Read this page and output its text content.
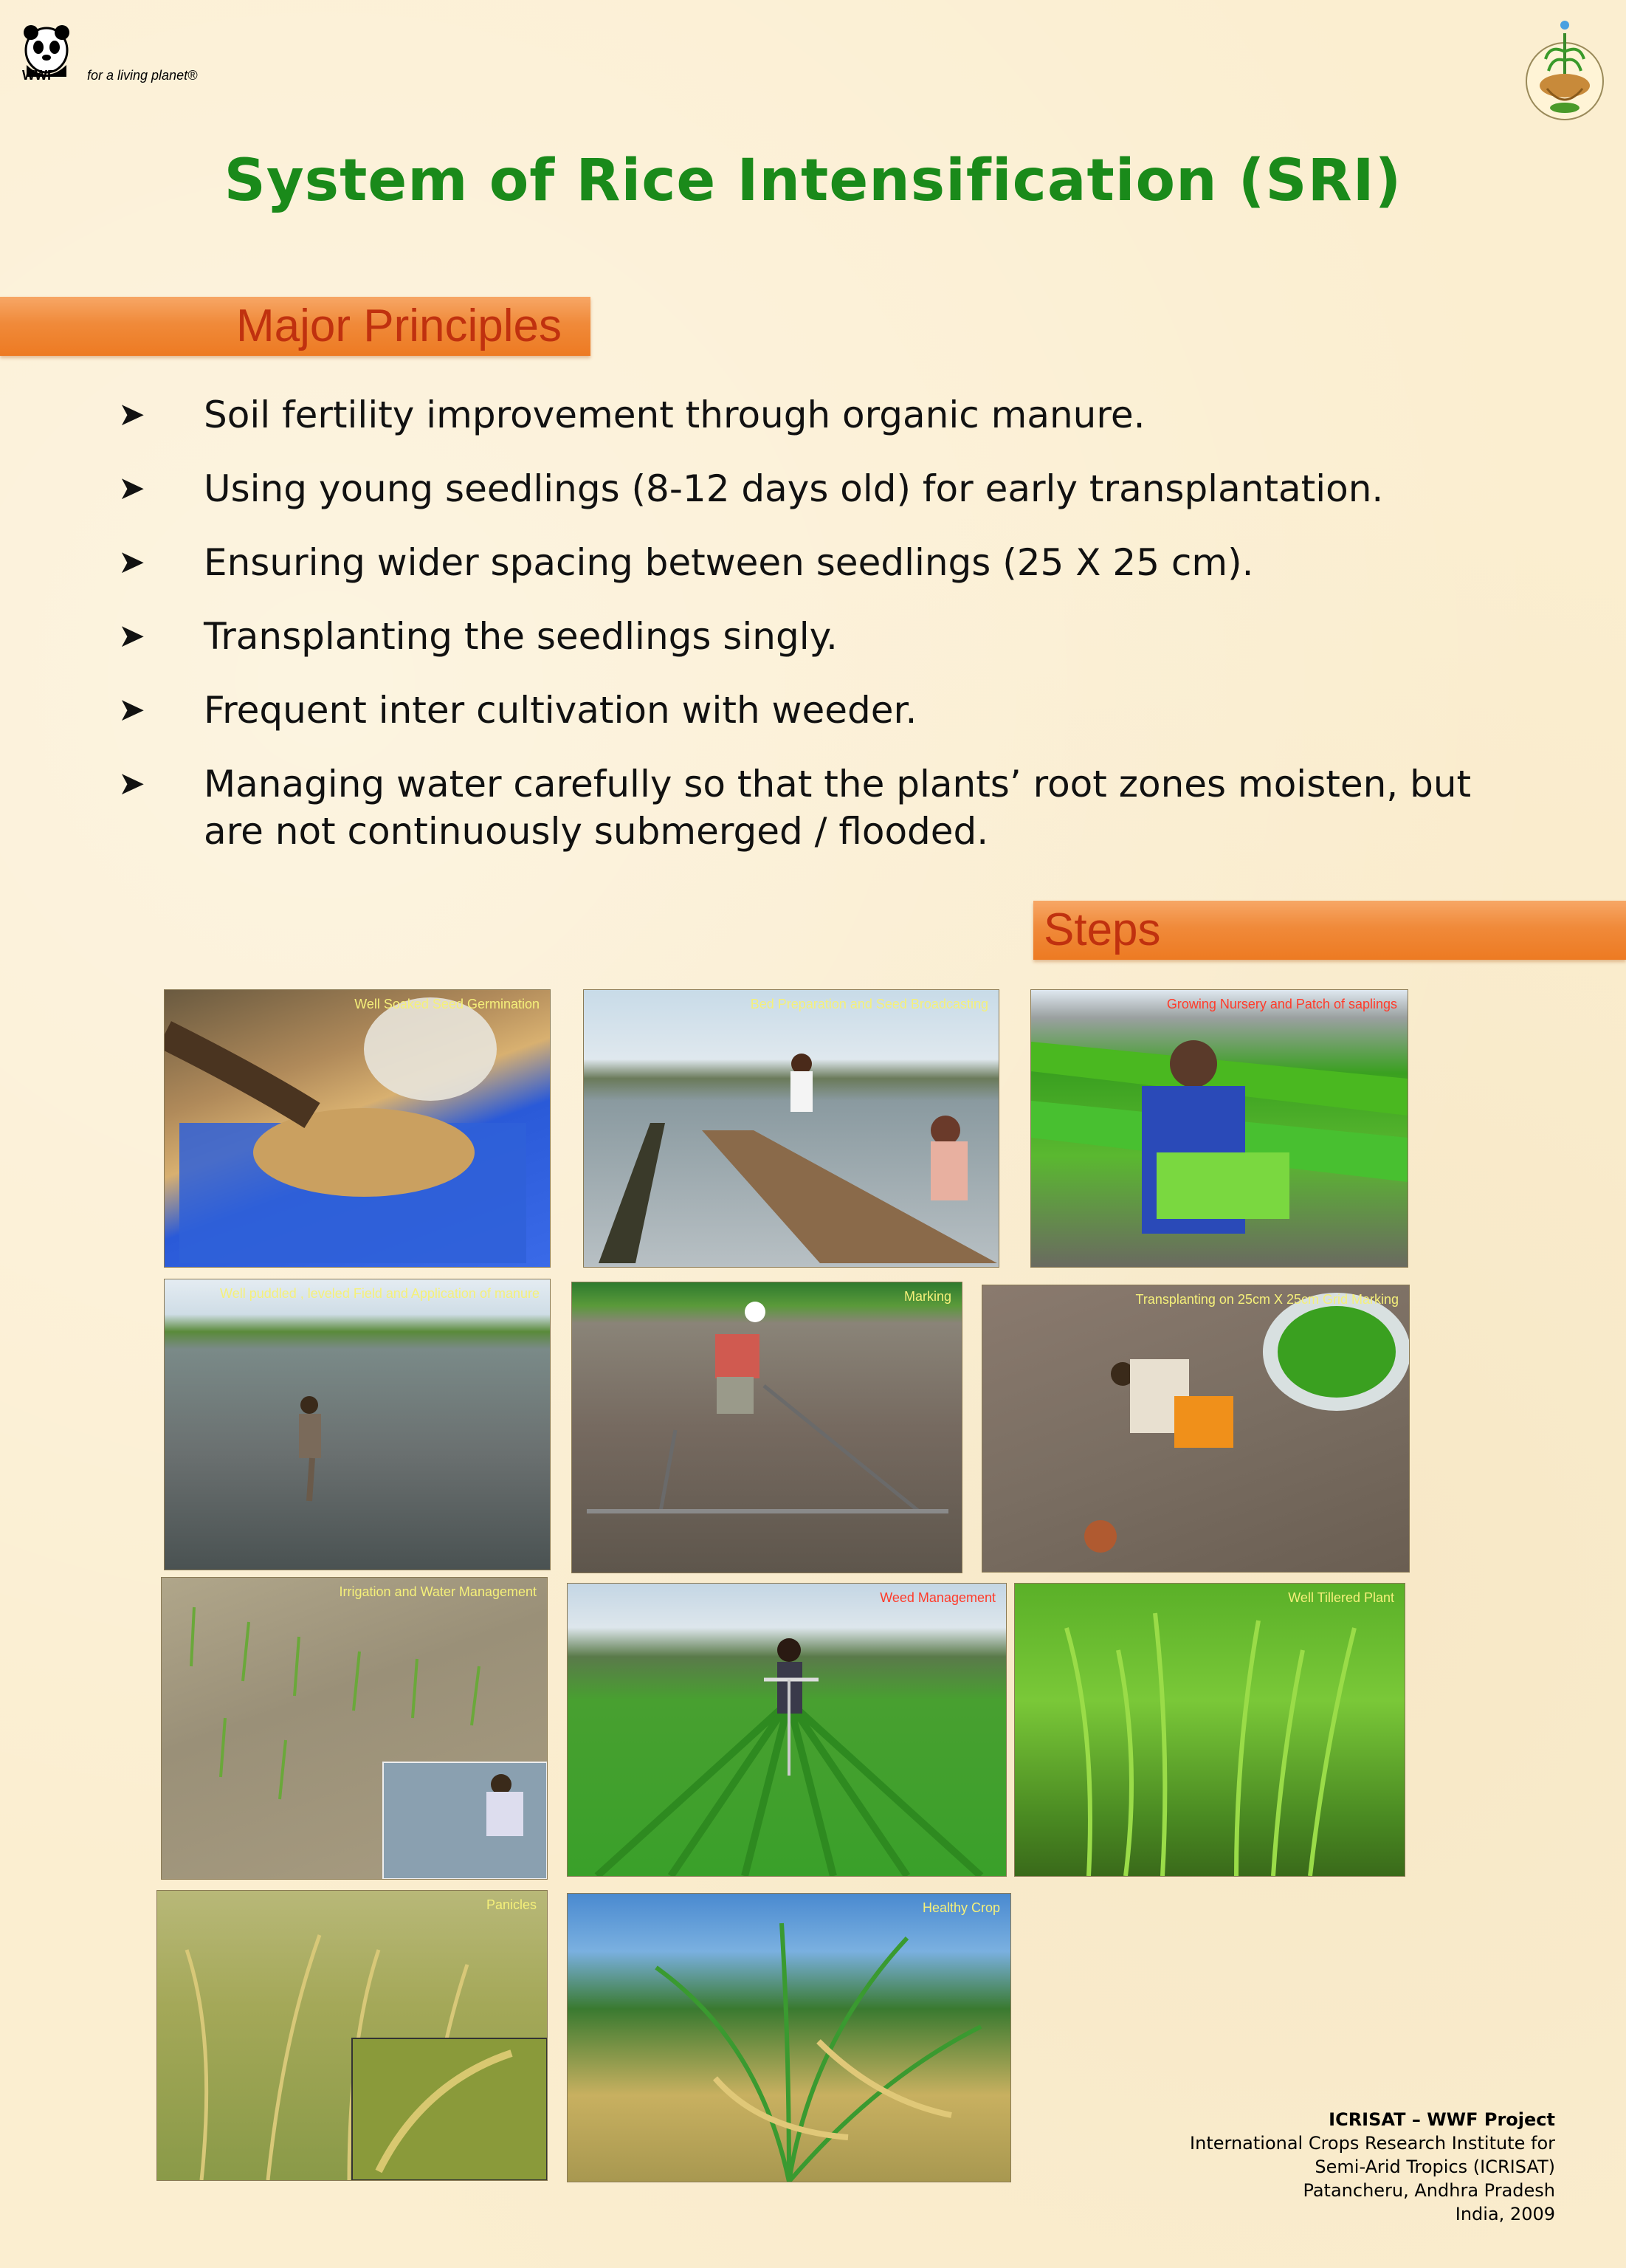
WWF for a living planet®
System of Rice Intensification (SRI)
Major Principles
➤ Soil fertility improvement through organic manure.
➤ Using young seedlings (8-12 days old) for early transplantation.
➤ Ensuring wider spacing between seedlings (25 X 25 cm).
➤ Transplanting the seedlings singly.
➤ Frequent inter cultivation with weeder.
➤ Managing water carefully so that the plants’ root zones moisten, but are not continuously submerged / flooded.
Steps
Well Soaked Seed Germination	Bed Preparation and Seed Broadcasting	Growing Nursery and Patch of saplings
Well puddled , leveled Field and Application of manure	Marking	Transplanting on 25cm X 25cm Grid Marking
Irrigation and Water Management	Weed Management	Well Tillered Plant
Panicles	Healthy Crop
ICRISAT – WWF Project
International Crops Research Institute for
Semi-Arid Tropics (ICRISAT)
Patancheru, Andhra Pradesh
India, 2009
